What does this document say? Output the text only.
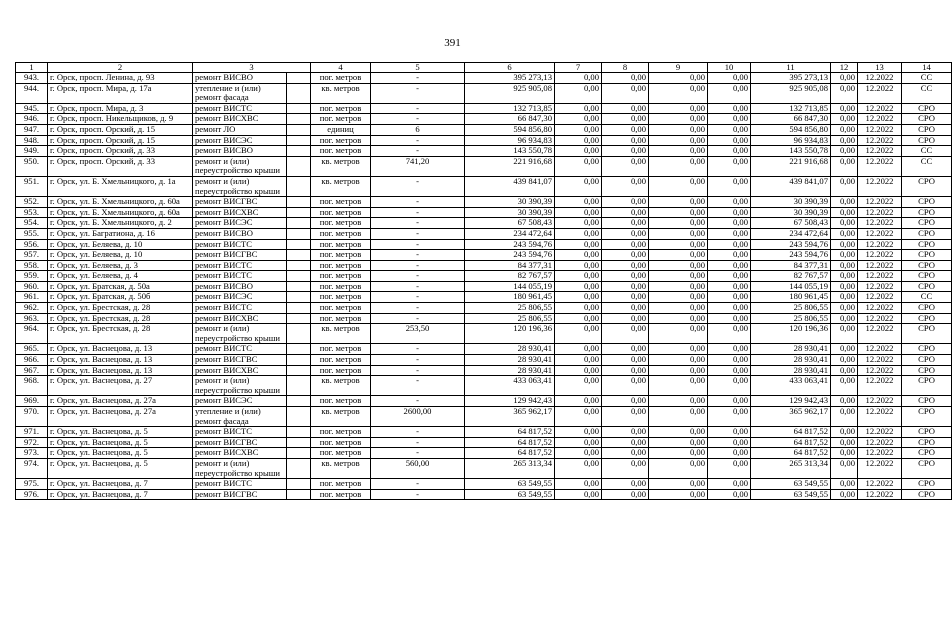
391
1	2	3		4	5	6	7	8	9	10	11	12	13	14
943.	г. Орск, просп. Ленина, д. 93	ремонт ВИСВО		пог. метров	-	395 273,13	0,00	0,00	0,00	0,00	395 273,13	0,00	12.2022	СС
944.	г. Орск, просп. Мира, д. 17а	утепление и (или) ремонт фасада		кв. метров	-	925 905,08	0,00	0,00	0,00	0,00	925 905,08	0,00	12.2022	СС
945.	г. Орск, просп. Мира, д. 3	ремонт ВИСТС		пог. метров	-	132 713,85	0,00	0,00	0,00	0,00	132 713,85	0,00	12.2022	СРО
946.	г. Орск, просп. Никельщиков, д. 9	ремонт ВИСХВС		пог. метров	-	66 847,30	0,00	0,00	0,00	0,00	66 847,30	0,00	12.2022	СРО
947.	г. Орск, просп. Орский, д. 15	ремонт ЛО		единиц	6	594 856,80	0,00	0,00	0,00	0,00	594 856,80	0,00	12.2022	СРО
948.	г. Орск, просп. Орский, д. 15	ремонт ВИСЭС		пог. метров	-	96 934,83	0,00	0,00	0,00	0,00	96 934,83	0,00	12.2022	СРО
949.	г. Орск, просп. Орский, д. 33	ремонт ВИСВО		пог. метров	-	143 550,78	0,00	0,00	0,00	0,00	143 550,78	0,00	12.2022	СС
950.	г. Орск, просп. Орский, д. 33	ремонт и (или) переустройство крыши		кв. метров	741,20	221 916,68	0,00	0,00	0,00	0,00	221 916,68	0,00	12.2022	СС
951.	г. Орск, ул. Б. Хмельницкого, д. 1а	ремонт и (или) переустройство крыши		кв. метров	-	439 841,07	0,00	0,00	0,00	0,00	439 841,07	0,00	12.2022	СРО
952.	г. Орск, ул. Б. Хмельницкого, д. 60а	ремонт ВИСГВС		пог. метров	-	30 390,39	0,00	0,00	0,00	0,00	30 390,39	0,00	12.2022	СРО
953.	г. Орск, ул. Б. Хмельницкого, д. 60а	ремонт ВИСХВС		пог. метров	-	30 390,39	0,00	0,00	0,00	0,00	30 390,39	0,00	12.2022	СРО
954.	г. Орск, ул. Б. Хмельницкого, д. 2	ремонт ВИСЭС		пог. метров	-	67 508,43	0,00	0,00	0,00	0,00	67 508,43	0,00	12.2022	СРО
955.	г. Орск, ул. Багратиона, д. 16	ремонт ВИСВО		пог. метров	-	234 472,64	0,00	0,00	0,00	0,00	234 472,64	0,00	12.2022	СРО
956.	г. Орск, ул. Беляева, д. 10	ремонт ВИСТС		пог. метров	-	243 594,76	0,00	0,00	0,00	0,00	243 594,76	0,00	12.2022	СРО
957.	г. Орск, ул. Беляева, д. 10	ремонт ВИСГВС		пог. метров	-	243 594,76	0,00	0,00	0,00	0,00	243 594,76	0,00	12.2022	СРО
958.	г. Орск, ул. Беляева, д. 3	ремонт ВИСТС		пог. метров	-	84 377,31	0,00	0,00	0,00	0,00	84 377,31	0,00	12.2022	СРО
959.	г. Орск, ул. Беляева, д. 4	ремонт ВИСТС		пог. метров	-	82 767,57	0,00	0,00	0,00	0,00	82 767,57	0,00	12.2022	СРО
960.	г. Орск, ул. Братская, д. 50а	ремонт ВИСВО		пог. метров	-	144 055,19	0,00	0,00	0,00	0,00	144 055,19	0,00	12.2022	СРО
961.	г. Орск, ул. Братская, д. 50б	ремонт ВИСЭС		пог. метров	-	180 961,45	0,00	0,00	0,00	0,00	180 961,45	0,00	12.2022	СС
962.	г. Орск, ул. Брестская, д. 28	ремонт ВИСТС		пог. метров	-	25 806,55	0,00	0,00	0,00	0,00	25 806,55	0,00	12.2022	СРО
963.	г. Орск, ул. Брестская, д. 28	ремонт ВИСХВС		пог. метров	-	25 806,55	0,00	0,00	0,00	0,00	25 806,55	0,00	12.2022	СРО
964.	г. Орск, ул. Брестская, д. 28	ремонт и (или) переустройство крыши		кв. метров	253,50	120 196,36	0,00	0,00	0,00	0,00	120 196,36	0,00	12.2022	СРО
965.	г. Орск, ул. Васнецова, д. 13	ремонт ВИСТС		пог. метров	-	28 930,41	0,00	0,00	0,00	0,00	28 930,41	0,00	12.2022	СРО
966.	г. Орск, ул. Васнецова, д. 13	ремонт ВИСГВС		пог. метров	-	28 930,41	0,00	0,00	0,00	0,00	28 930,41	0,00	12.2022	СРО
967.	г. Орск, ул. Васнецова, д. 13	ремонт ВИСХВС		пог. метров	-	28 930,41	0,00	0,00	0,00	0,00	28 930,41	0,00	12.2022	СРО
968.	г. Орск, ул. Васнецова, д. 27	ремонт и (или) переустройство крыши		кв. метров	-	433 063,41	0,00	0,00	0,00	0,00	433 063,41	0,00	12.2022	СРО
969.	г. Орск, ул. Васнецова, д. 27а	ремонт ВИСЭС		пог. метров	-	129 942,43	0,00	0,00	0,00	0,00	129 942,43	0,00	12.2022	СРО
970.	г. Орск, ул. Васнецова, д. 27а	утепление и (или) ремонт фасада		кв. метров	2600,00	365 962,17	0,00	0,00	0,00	0,00	365 962,17	0,00	12.2022	СРО
971.	г. Орск, ул. Васнецова, д. 5	ремонт ВИСТС		пог. метров	-	64 817,52	0,00	0,00	0,00	0,00	64 817,52	0,00	12.2022	СРО
972.	г. Орск, ул. Васнецова, д. 5	ремонт ВИСГВС		пог. метров	-	64 817,52	0,00	0,00	0,00	0,00	64 817,52	0,00	12.2022	СРО
973.	г. Орск, ул. Васнецова, д. 5	ремонт ВИСХВС		пог. метров	-	64 817,52	0,00	0,00	0,00	0,00	64 817,52	0,00	12.2022	СРО
974.	г. Орск, ул. Васнецова, д. 5	ремонт и (или) переустройство крыши		кв. метров	560,00	265 313,34	0,00	0,00	0,00	0,00	265 313,34	0,00	12.2022	СРО
975.	г. Орск, ул. Васнецова, д. 7	ремонт ВИСТС		пог. метров	-	63 549,55	0,00	0,00	0,00	0,00	63 549,55	0,00	12.2022	СРО
976.	г. Орск, ул. Васнецова, д. 7	ремонт ВИСГВС		пог. метров	-	63 549,55	0,00	0,00	0,00	0,00	63 549,55	0,00	12.2022	СРО
